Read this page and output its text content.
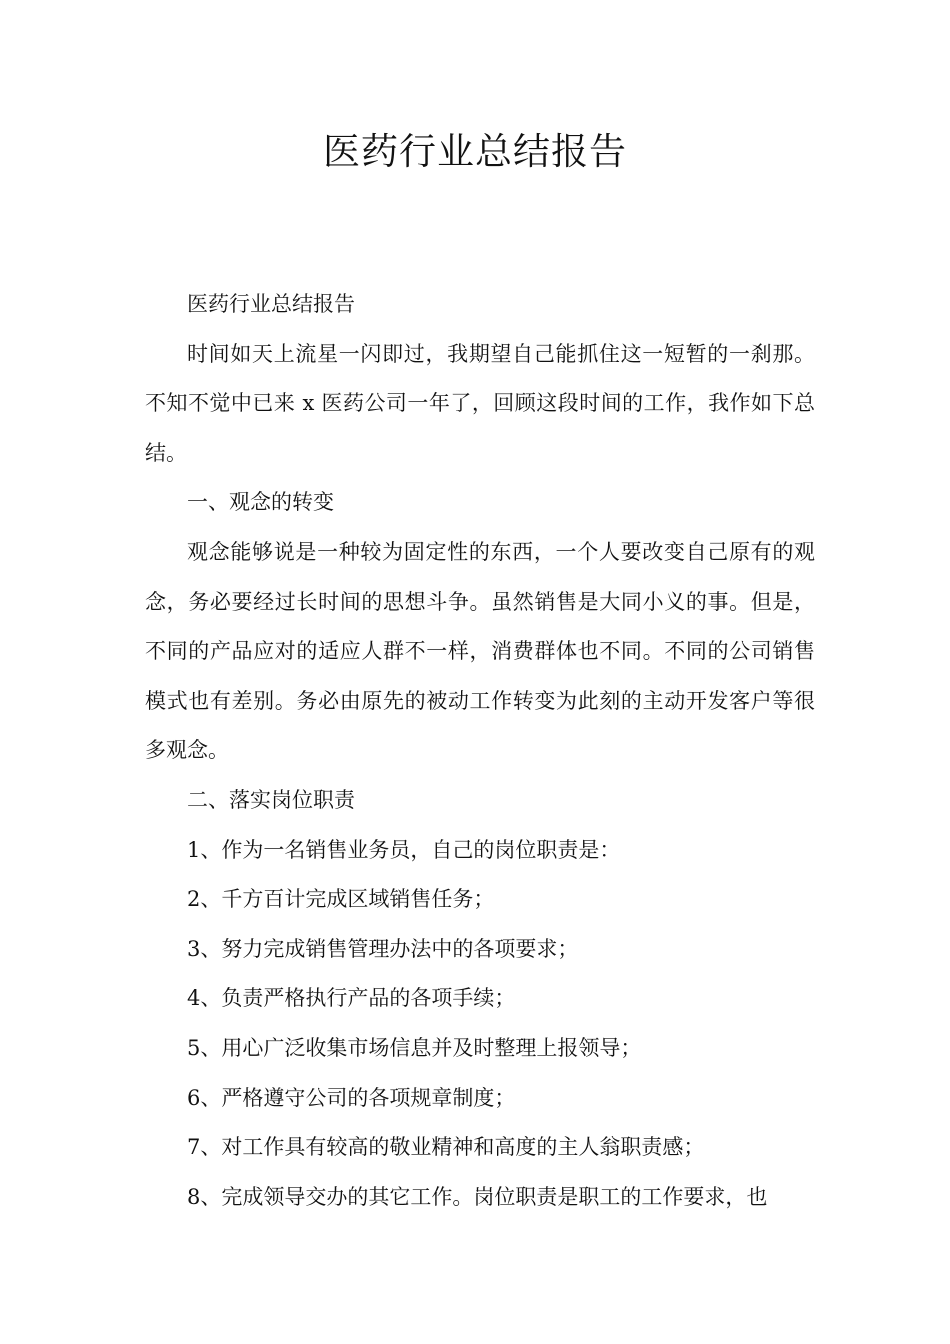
医药行业总结报告

医药行业总结报告

时间如天上流星一闪即过，我期望自己能抓住这一短暂的一刹那。不知不觉中已来 x 医药公司一年了，回顾这段时间的工作，我作如下总结。

一、观念的转变

观念能够说是一种较为固定性的东西，一个人要改变自己原有的观念，务必要经过长时间的思想斗争。虽然销售是大同小义的事。但是，不同的产品应对的适应人群不一样，消费群体也不同。不同的公司销售模式也有差别。务必由原先的被动工作转变为此刻的主动开发客户等很多观念。

二、落实岗位职责

1、作为一名销售业务员，自己的岗位职责是：

2、千方百计完成区域销售任务；

3、努力完成销售管理办法中的各项要求；

4、负责严格执行产品的各项手续；

5、用心广泛收集市场信息并及时整理上报领导；

6、严格遵守公司的各项规章制度；

7、对工作具有较高的敬业精神和高度的主人翁职责感；

8、完成领导交办的其它工作。岗位职责是职工的工作要求，也
